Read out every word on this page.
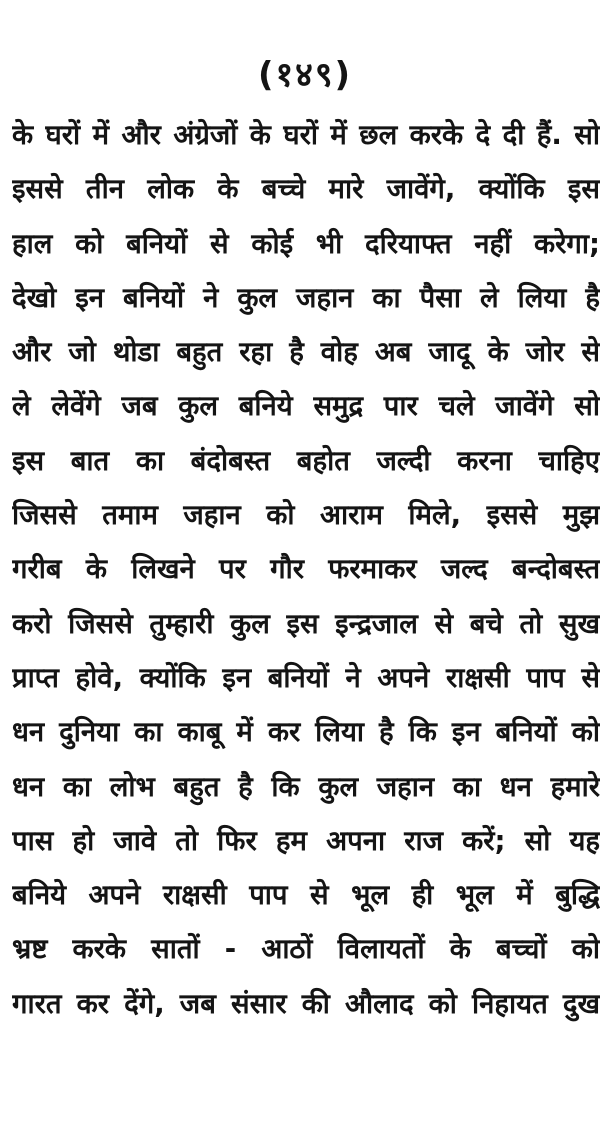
(१४९)
के घरों में और अंग्रेजों के घरों में छल करके दे दी हैं. सो
इससे तीन लोक के बच्चे मारे जावेंगे, क्योंकि इस
हाल को बनियों से कोई भी दरियाफ्त नहीं करेगा;
देखो इन बनियों ने कुल जहान का पैसा ले लिया है
और जो थोडा बहुत रहा है वोह अब जादू के जोर से
ले लेवेंगे जब कुल बनिये समुद्र पार चले जावेंगे सो
इस बात का बंदोबस्त बहोत जल्दी करना चाहिए
जिससे तमाम जहान को आराम मिले, इससे मुझ
गरीब के लिखने पर गौर फरमाकर जल्द बन्दोबस्त
करो जिससे तुम्हारी कुल इस इन्द्रजाल से बचे तो सुख
प्राप्त होवे, क्योंकि इन बनियों ने अपने राक्षसी पाप से
धन दुनिया का काबू में कर लिया है कि इन बनियों को
धन का लोभ बहुत है कि कुल जहान का धन हमारे
पास हो जावे तो फिर हम अपना राज करें; सो यह
बनिये अपने राक्षसी पाप से भूल ही भूल में बुद्धि
भ्रष्ट करके सातों - आठों विलायतों के बच्चों को
गारत कर देंगे, जब संसार की औलाद को निहायत दुख
